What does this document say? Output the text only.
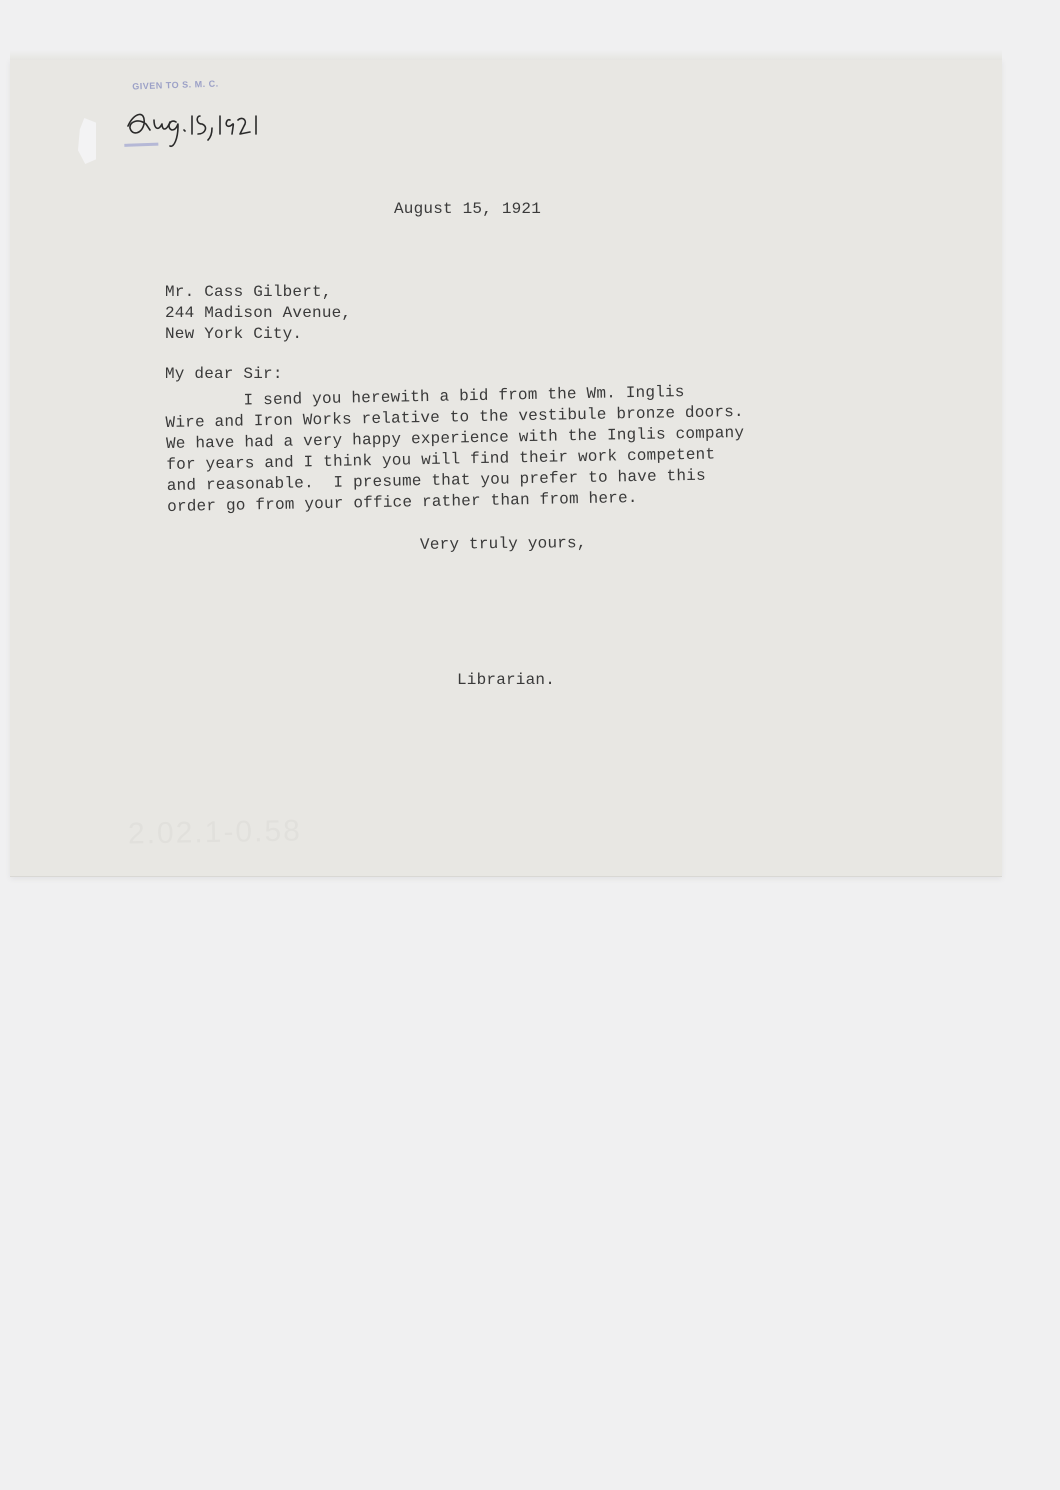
GIVEN TO S. M. C.
2.02.1-0.58
August 15, 1921
Mr. Cass Gilbert,
244 Madison Avenue,
New York City.
My dear Sir:
I send you herewith a bid from the Wm. Inglis
Wire and Iron Works relative to the vestibule bronze doors.
We have had a very happy experience with the Inglis company
for years and I think you will find their work competent
and reasonable.  I presume that you prefer to have this
order go from your office rather than from here.
Very truly yours,
Librarian.
